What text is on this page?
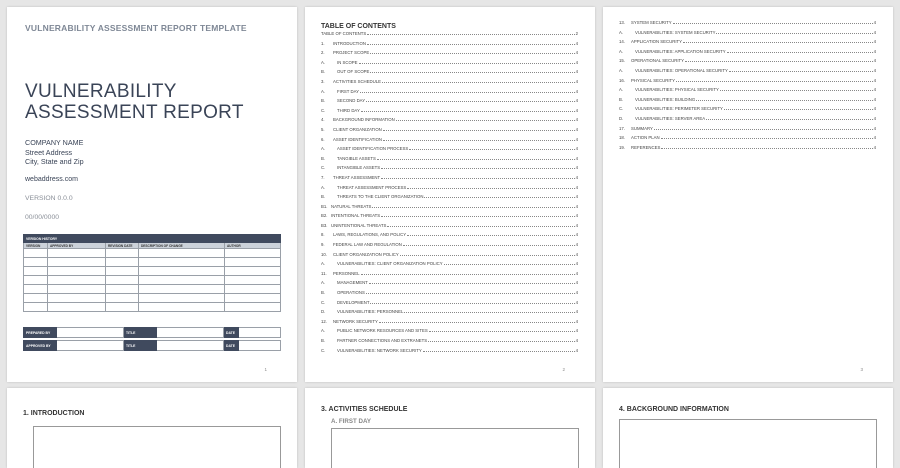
VULNERABILITY ASSESSMENT REPORT TEMPLATE
VULNERABILITY ASSESSMENT REPORT
COMPANY NAME
Street Address
City, State and Zip
webaddress.com
VERSION 0.0.0
00/00/0000
VERSION HISTORY				
VERSION	APPROVED BY	REVISION DATE	DESCRIPTION OF CHANGE	AUTHOR

PREPARED BY		TITLE		DATE	

APPROVED BY		TITLE		DATE	
1
TABLE OF CONTENTS
TABLE OF CONTENTS	2
1. INTRODUCTION	4
2. PROJECT SCOPE	4
A.	IN SCOPE	4
B.	OUT OF SCOPE	4
3. ACTIVITIES SCHEDULE	4
A.	FIRST DAY	4
B.	SECOND DAY	4
C.	THIRD DAY	4
4. BACKGROUND INFORMATION	4
5. CLIENT ORGANIZATION	4
6. ASSET IDENTIFICATION	4
A.	ASSET IDENTIFICATION PROCESS	4
B.	TANGIBLE ASSETS	4
C.	INTANGIBLE ASSETS	4
7. THREAT ASSESSMENT	4
A.	THREAT ASSESSMENT PROCESS	4
B.	THREATS TO THE CLIENT ORGANIZATION	4
B1. NATURAL THREATS	4
B2. INTENTIONAL THREATS	4
B3. UNINTENTIONAL THREATS	4
8. LAWS, REGULATIONS, AND POLICY	4
9. FEDERAL LAW AND REGULATION	4
10. CLIENT ORGANIZATION POLICY	4
A.	VULNERABILITIES: CLIENT ORGANIZATION POLICY	4
11. PERSONNEL	4
A.	MANAGEMENT	4
B.	OPERATIONS	4
C.	DEVELOPMENT	4
D.	VULNERABILITIES: PERSONNEL	4
12. NETWORK SECURITY	4
A.	PUBLIC NETWORK RESOURCES AND SITES	4
B.	PARTNER CONNECTIONS AND EXTRANETS	4
C.	VULNERABILITIES: NETWORK SECURITY	4
2
13. SYSTEM SECURITY	4
A.	VULNERABILITIES: SYSTEM SECURITY	4
14. APPLICATION SECURITY	4
A.	VULNERABILITIES: APPLICATION SECURITY	4
15. OPERATIONAL SECURITY	4
A.	VULNERABILITIES: OPERATIONAL SECURITY	4
16. PHYSICAL SECURITY	4
A.	VULNERABILITIES: PHYSICAL SECURITY	4
B.	VULNERABILITIES: BUILDING	4
C.	VULNERABILITIES: PERIMETER SECURITY	4
D.	VULNERABILITIES: SERVER AREA	4
17. SUMMARY	4
18. ACTION PLAN	4
19. REFERENCES	4
3
1. INTRODUCTION
3. ACTIVITIES SCHEDULE
A. FIRST DAY
4. BACKGROUND INFORMATION
